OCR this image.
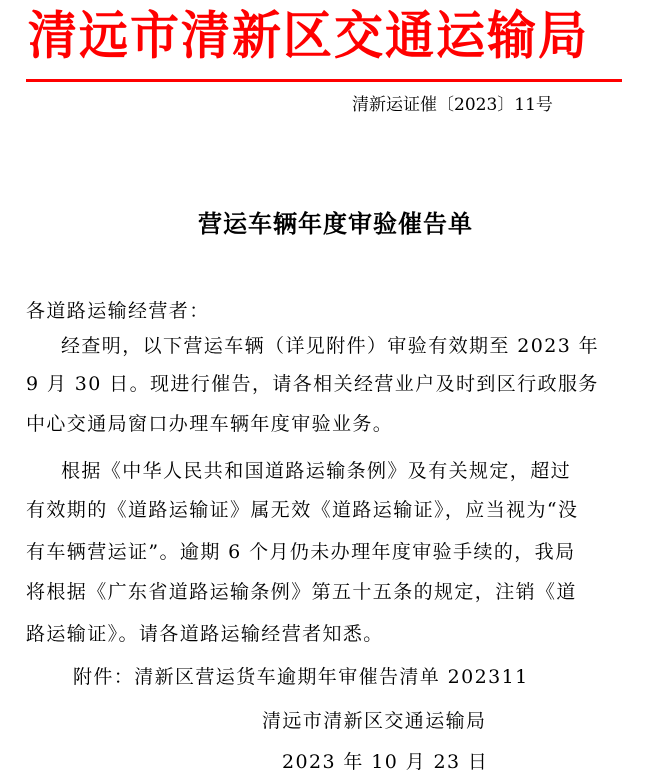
清远市清新区交通运输局
清新运证催〔2023〕11号
营运车辆年度审验催告单
各道路运输经营者：
经查明，以下营运车辆（详见附件）审验有效期至 2023 年
9 月 30 日。现进行催告，请各相关经营业户及时到区行政服务
中心交通局窗口办理车辆年度审验业务。
根据《中华人民共和国道路运输条例》及有关规定，超过
有效期的《道路运输证》属无效《道路运输证》，应当视为“没
有车辆营运证”。逾期 6 个月仍未办理年度审验手续的，我局
将根据《广东省道路运输条例》第五十五条的规定，注销《道
路运输证》。请各道路运输经营者知悉。
附件：清新区营运货车逾期年审催告清单 202311
清远市清新区交通运输局
2023 年 10 月 23 日
